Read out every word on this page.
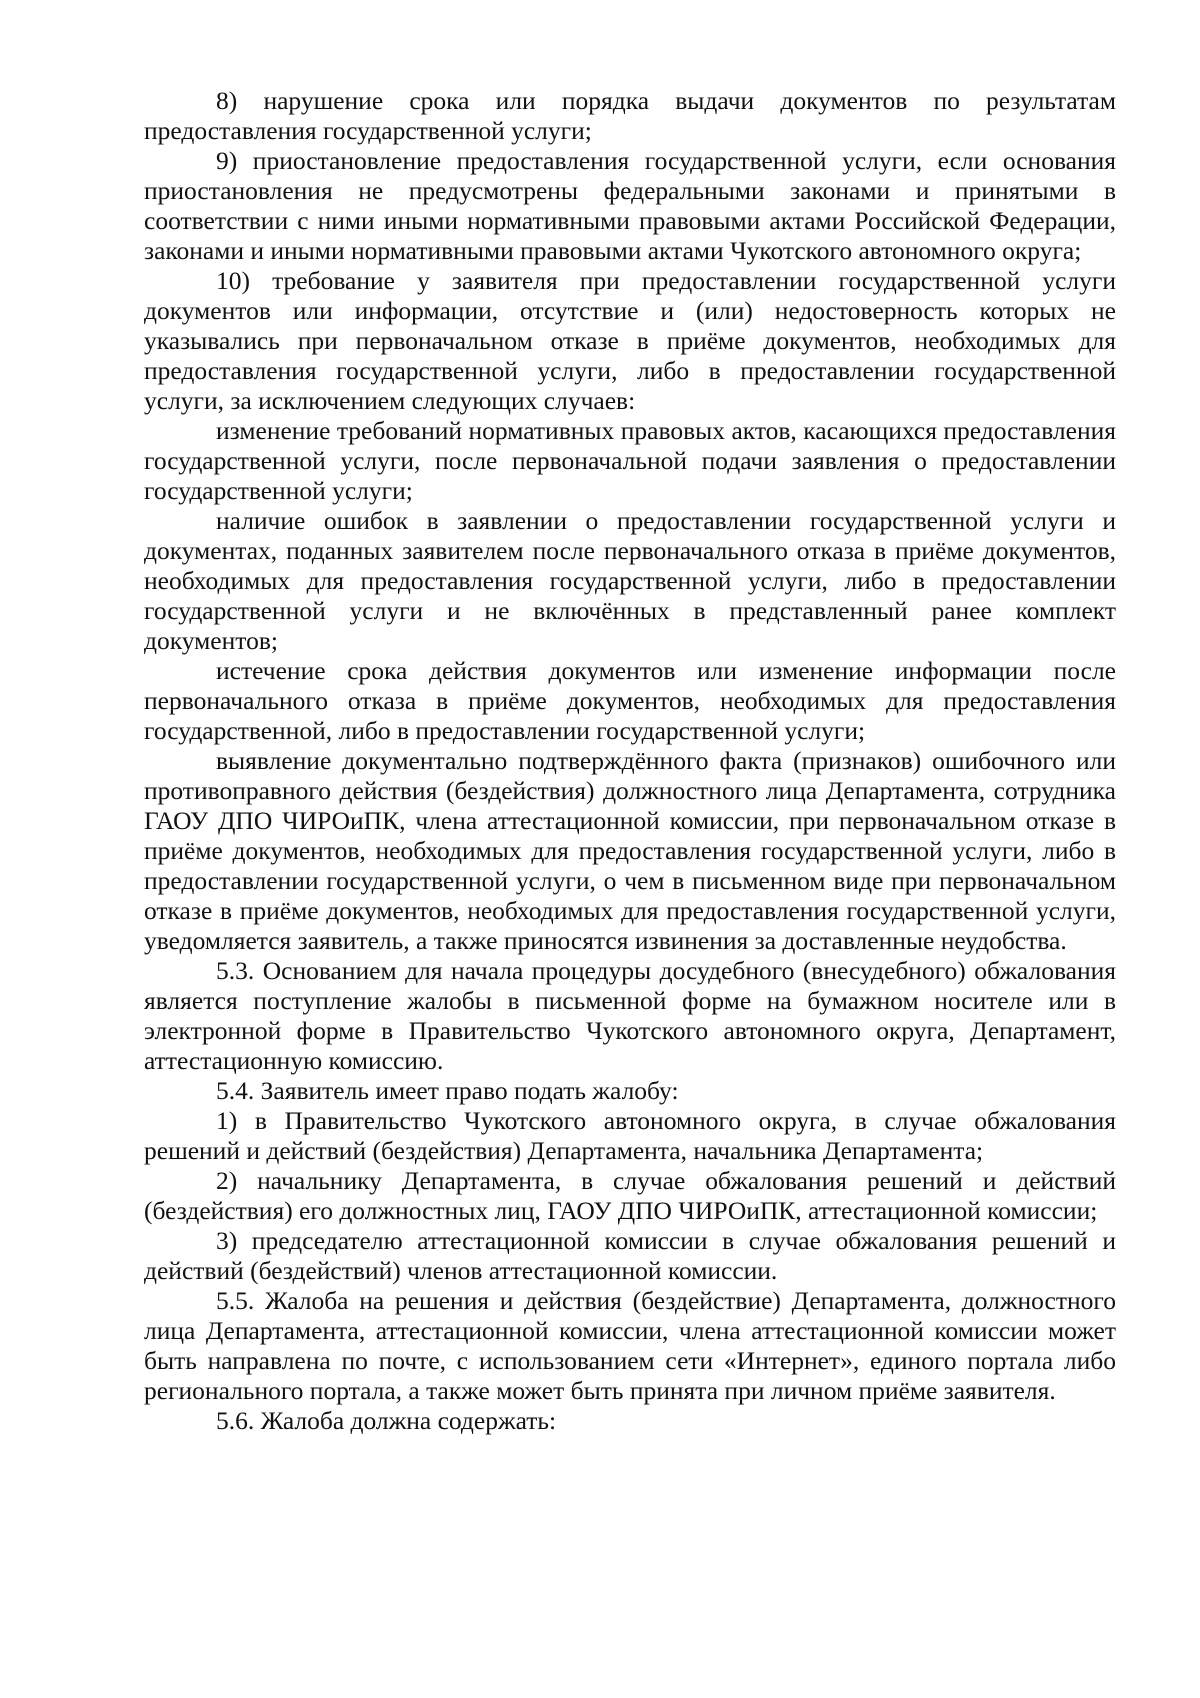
8) нарушение срока или порядка выдачи документов по результатам предоставления государственной услуги;

9) приостановление предоставления государственной услуги, если основания приостановления не предусмотрены федеральными законами и принятыми в соответствии с ними иными нормативными правовыми актами Российской Федерации, законами и иными нормативными правовыми актами Чукотского автономного округа;

10) требование у заявителя при предоставлении государственной услуги документов или информации, отсутствие и (или) недостоверность которых не указывались при первоначальном отказе в приёме документов, необходимых для предоставления государственной услуги, либо в предоставлении государственной услуги, за исключением следующих случаев:

изменение требований нормативных правовых актов, касающихся предоставления государственной услуги, после первоначальной подачи заявления о предоставлении государственной услуги;

наличие ошибок в заявлении о предоставлении государственной услуги и документах, поданных заявителем после первоначального отказа в приёме документов, необходимых для предоставления государственной услуги, либо в предоставлении государственной услуги и не включённых в представленный ранее комплект документов;

истечение срока действия документов или изменение информации после первоначального отказа в приёме документов, необходимых для предоставления государственной, либо в предоставлении государственной услуги;

выявление документально подтверждённого факта (признаков) ошибочного или противоправного действия (бездействия) должностного лица Департамента, сотрудника ГАОУ ДПО ЧИРОиПК, члена аттестационной комиссии, при первоначальном отказе в приёме документов, необходимых для предоставления государственной услуги, либо в предоставлении государственной услуги, о чем в письменном виде при первоначальном отказе в приёме документов, необходимых для предоставления государственной услуги, уведомляется заявитель, а также приносятся извинения за доставленные неудобства.

5.3. Основанием для начала процедуры досудебного (внесудебного) обжалования является поступление жалобы в письменной форме на бумажном носителе или в электронной форме в Правительство Чукотского автономного округа, Департамент, аттестационную комиссию.

5.4. Заявитель имеет право подать жалобу:

1) в Правительство Чукотского автономного округа, в случае обжалования решений и действий (бездействия) Департамента, начальника Департамента;

2) начальнику Департамента, в случае обжалования решений и действий (бездействия) его должностных лиц, ГАОУ ДПО ЧИРОиПК, аттестационной комиссии;

3) председателю аттестационной комиссии в случае обжалования решений и действий (бездействий) членов аттестационной комиссии.

5.5. Жалоба на решения и действия (бездействие) Департамента, должностного лица Департамента, аттестационной комиссии, члена аттестационной комиссии может быть направлена по почте, с использованием сети «Интернет», единого портала либо регионального портала, а также может быть принята при личном приёме заявителя.

5.6. Жалоба должна содержать:
